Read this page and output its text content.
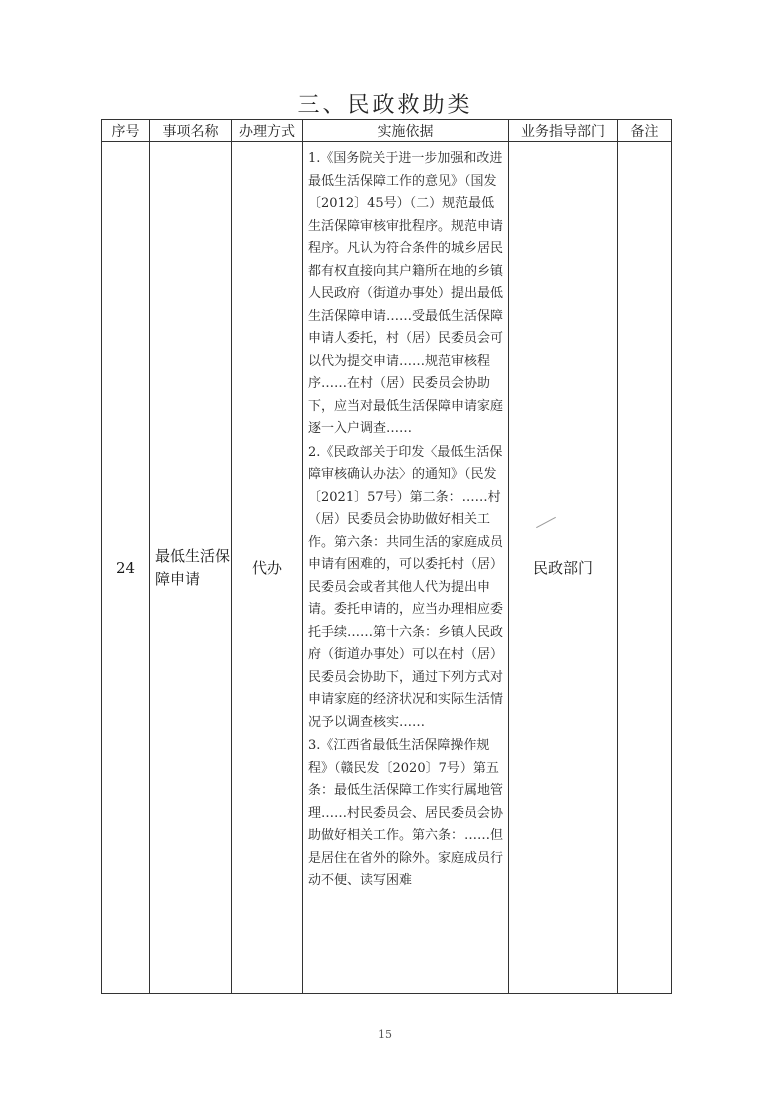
三、民政救助类
序号	事项名称	办理方式	实施依据	业务指导部门	备注
24	最低生活保障申请	代办	1.《国务院关于进一步加强和改进最低生活保障工作的意见》（国发〔2012〕45号）（二）规范最低生活保障审核审批程序。规范申请程序。凡认为符合条件的城乡居民都有权直接向其户籍所在地的乡镇人民政府（街道办事处）提出最低生活保障申请……受最低生活保障申请人委托，村（居）民委员会可以代为提交申请……规范审核程序……在村（居）民委员会协助下，应当对最低生活保障申请家庭逐一入户调查……
2.《民政部关于印发〈最低生活保障审核确认办法〉的通知》（民发〔2021〕57号）第二条：……村（居）民委员会协助做好相关工作。第六条：共同生活的家庭成员申请有困难的，可以委托村（居）民委员会或者其他人代为提出申请。委托申请的，应当办理相应委托手续……第十六条：乡镇人民政府（街道办事处）可以在村（居）民委员会协助下，通过下列方式对申请家庭的经济状况和实际生活情况予以调查核实……
3.《江西省最低生活保障操作规程》（赣民发〔2020〕7号）第五条：最低生活保障工作实行属地管理……村民委员会、居民委员会协助做好相关工作。第六条：……但是居住在省外的除外。家庭成员行动不便、读写困难	民政部门	
15
